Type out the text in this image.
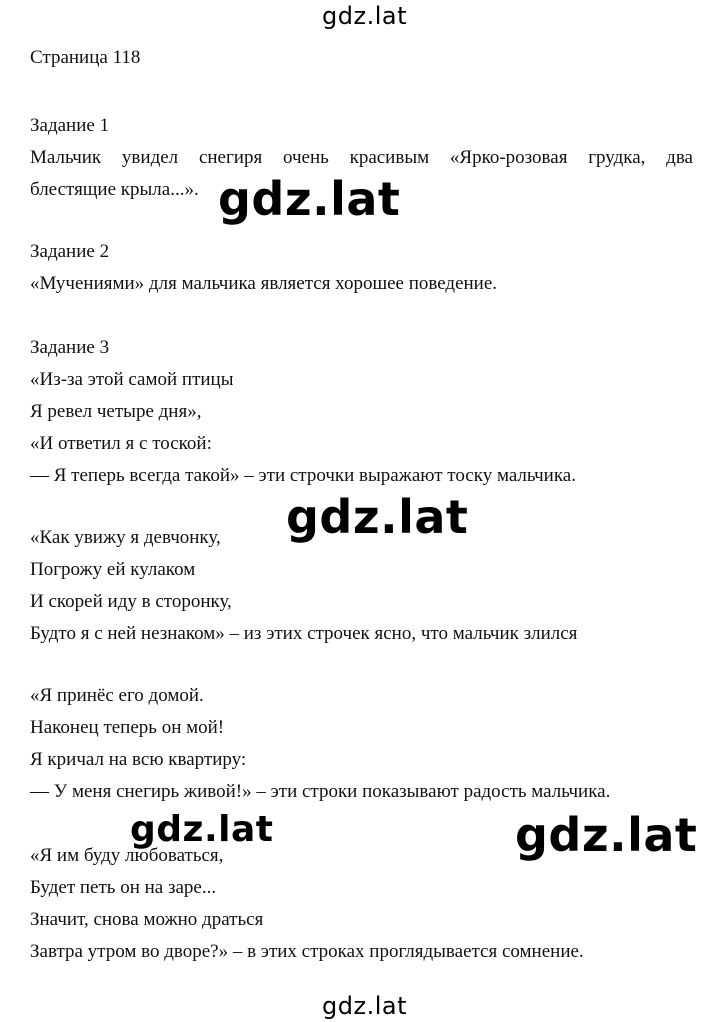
gdz.lat
gdz.lat
gdz.lat
gdz.lat	gdz.lat
gdz.lat
Страница 118
Задание 1
Мальчик увидел снегиря очень красивым «Ярко-розовая грудка, два
блестящие крыла...».
Задание 2
«Мучениями» для мальчика является хорошее поведение.
Задание 3
«Из-за этой самой птицы
Я ревел четыре дня»,
«И ответил я с тоской:
— Я теперь всегда такой» – эти строчки выражают тоску мальчика.
«Как увижу я девчонку,
Погрожу ей кулаком
И скорей иду в сторонку,
Будто я с ней незнаком» – из этих строчек ясно, что мальчик злился
«Я принёс его домой.
Наконец теперь он мой!
Я кричал на всю квартиру:
— У меня снегирь живой!» – эти строки показывают радость мальчика.
«Я им буду любоваться,
Будет петь он на заре...
Значит, снова можно драться
Завтра утром во дворе?» – в этих строках проглядывается сомнение.
